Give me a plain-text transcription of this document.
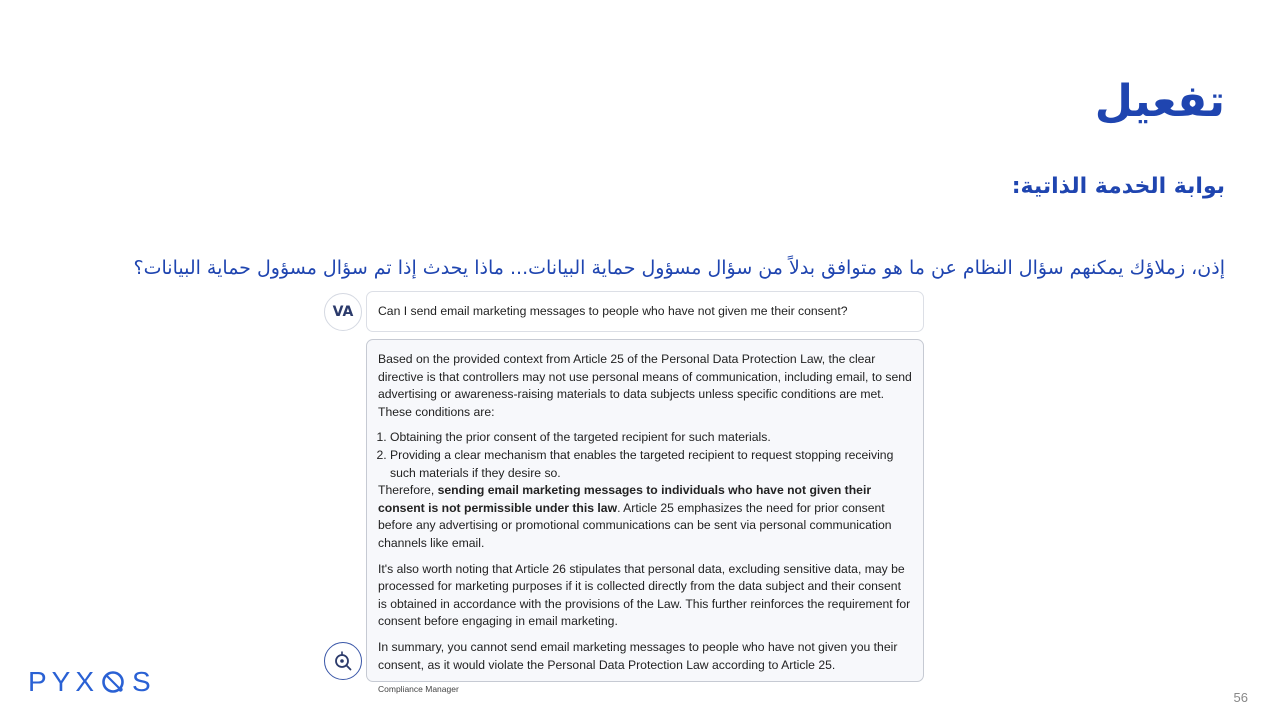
تفعيل
بوابة الخدمة الذاتية:

إذن، زملاؤك يمكنهم سؤال النظام عن ما هو متوافق بدلاً من سؤال مسؤول حماية البيانات... ماذا يحدث إذا تم سؤال مسؤول حماية البيانات؟

VA	Can I send email marketing messages to people who have not given me their consent?

Based on the provided context from Article 25 of the Personal Data Protection Law, the clear directive is that controllers may not use personal means of communication, including email, to send advertising or awareness-raising materials to data subjects unless specific conditions are met. These conditions are:

1. Obtaining the prior consent of the targeted recipient for such materials.
2. Providing a clear mechanism that enables the targeted recipient to request stopping receiving such materials if they desire so.

Therefore, sending email marketing messages to individuals who have not given their consent is not permissible under this law. Article 25 emphasizes the need for prior consent before any advertising or promotional communications can be sent via personal communication channels like email.

It's also worth noting that Article 26 stipulates that personal data, excluding sensitive data, may be processed for marketing purposes if it is collected directly from the data subject and their consent is obtained in accordance with the provisions of the Law. This further reinforces the requirement for consent before engaging in email marketing.

In summary, you cannot send email marketing messages to people who have not given you their consent, as it would violate the Personal Data Protection Law according to Article 25.

Compliance Manager
PYX S
56
